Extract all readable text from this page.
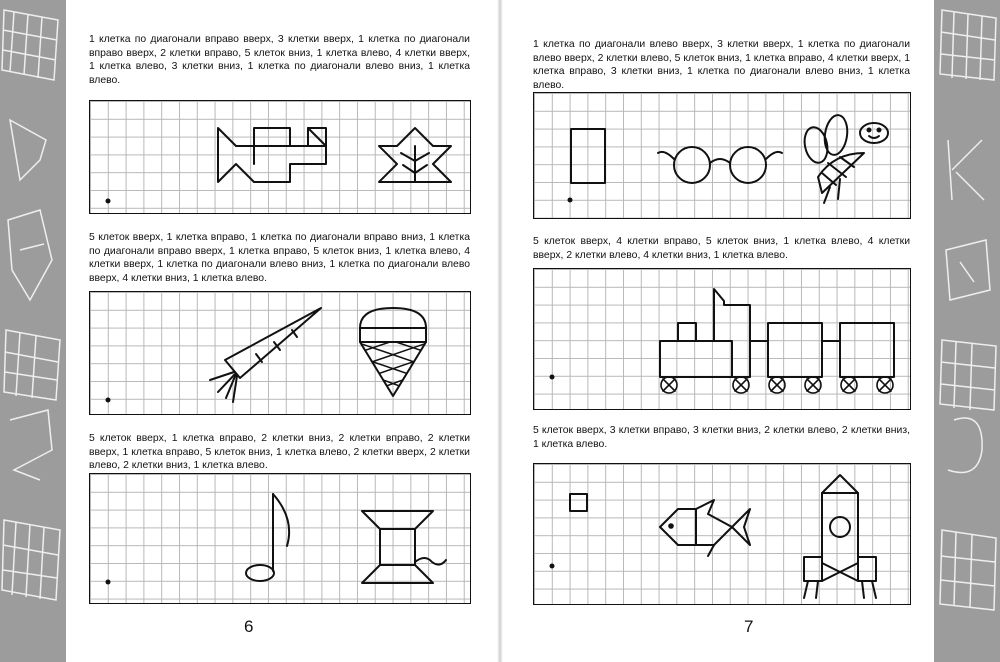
1 клетка по диагонали вправо вверх, 3 клетки вверх, 1 клетка по диагонали вправо вверх, 2 клетки вправо, 5 клеток вниз, 1 клетка влево, 4 клетки вверх, 1 клетка влево, 3 клетки вниз, 1 клетка по диагонали влево вниз, 1 клетка влево.

5 клеток вверх, 1 клетка вправо, 1 клетка по диагонали вправо вниз, 1 клетка по диагонали вправо вверх, 1 клетка вправо, 5 клеток вниз, 1 клетка влево, 4 клетки вверх, 1 клетка по диагонали влево вниз, 1 клетка по диагонали влево вверх, 4 клетки вниз, 1 клетка влево.

5 клеток вверх, 1 клетка вправо, 2 клетки вниз, 2 клетки вправо, 2 клетки вверх, 1 клетка вправо, 5 клеток вниз, 1 клетка влево, 2 клетки вверх, 2 клетки влево, 2 клетки вниз, 1 клетка влево.

6

1 клетка по диагонали влево вверх, 3 клетки вверх, 1 клетка по диагонали влево вверх, 2 клетки влево, 5 клеток вниз, 1 клетка вправо, 4 клетки вверх, 1 клетка вправо, 3 клетки вниз, 1 клетка по диагонали влево вниз, 1 клетка влево.

5 клеток вверх, 4 клетки вправо, 5 клеток вниз, 1 клетка влево, 4 клетки вверх, 2 клетки влево, 4 клетки вниз, 1 клетка влево.

5 клеток вверх, 3 клетки вправо, 3 клетки вниз, 2 клетки влево, 2 клетки вниз, 1 клетка влево.

7
